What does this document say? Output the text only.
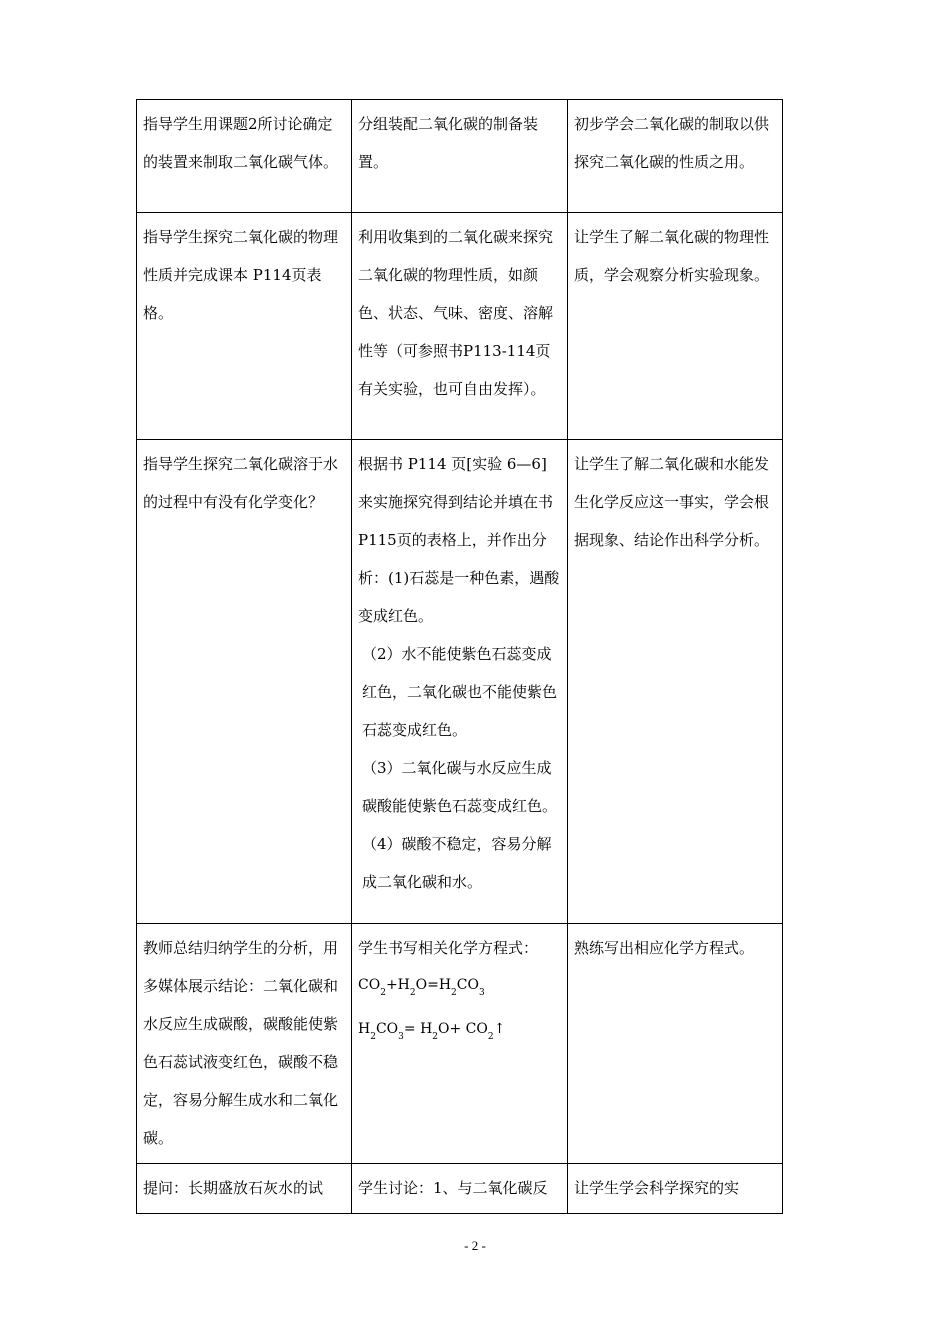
指导学生用课题2所讨论确定的装置来制取二氧化碳气体。	分组装配二氧化碳的制备装置。	初步学会二氧化碳的制取以供探究二氧化碳的性质之用。
指导学生探究二氧化碳的物理性质并完成课本 P114页表格。	利用收集到的二氧化碳来探究二氧化碳的物理性质，如颜色、状态、气味、密度、溶解性等（可参照书P113-114页有关实验，也可自由发挥）。	让学生了解二氧化碳的物理性质，学会观察分析实验现象。
指导学生探究二氧化碳溶于水的过程中有没有化学变化？	根据书 P114 页[实验 6—6]来实施探究得到结论并填在书P115页的表格上，并作出分析：(1)石蕊是一种色素，遇酸变成红色。
（2）水不能使紫色石蕊变成红色，二氧化碳也不能使紫色石蕊变成红色。
（3）二氧化碳与水反应生成碳酸能使紫色石蕊变成红色。
（4）碳酸不稳定，容易分解成二氧化碳和水。	让学生了解二氧化碳和水能发生化学反应这一事实，学会根据现象、结论作出科学分析。
教师总结归纳学生的分析，用多媒体展示结论：二氧化碳和水反应生成碳酸，碳酸能使紫色石蕊试液变红色，碳酸不稳定，容易分解生成水和二氧化碳。	学生书写相关化学方程式：
$CO_2+H_2O=H_2CO_3$
$H_2CO_3= H_2O+$ $CO_2↑$	熟练写出相应化学方程式。
提问：长期盛放石灰水的试	学生讨论：1、与二氧化碳反	让学生学会科学探究的实
- 2 -
